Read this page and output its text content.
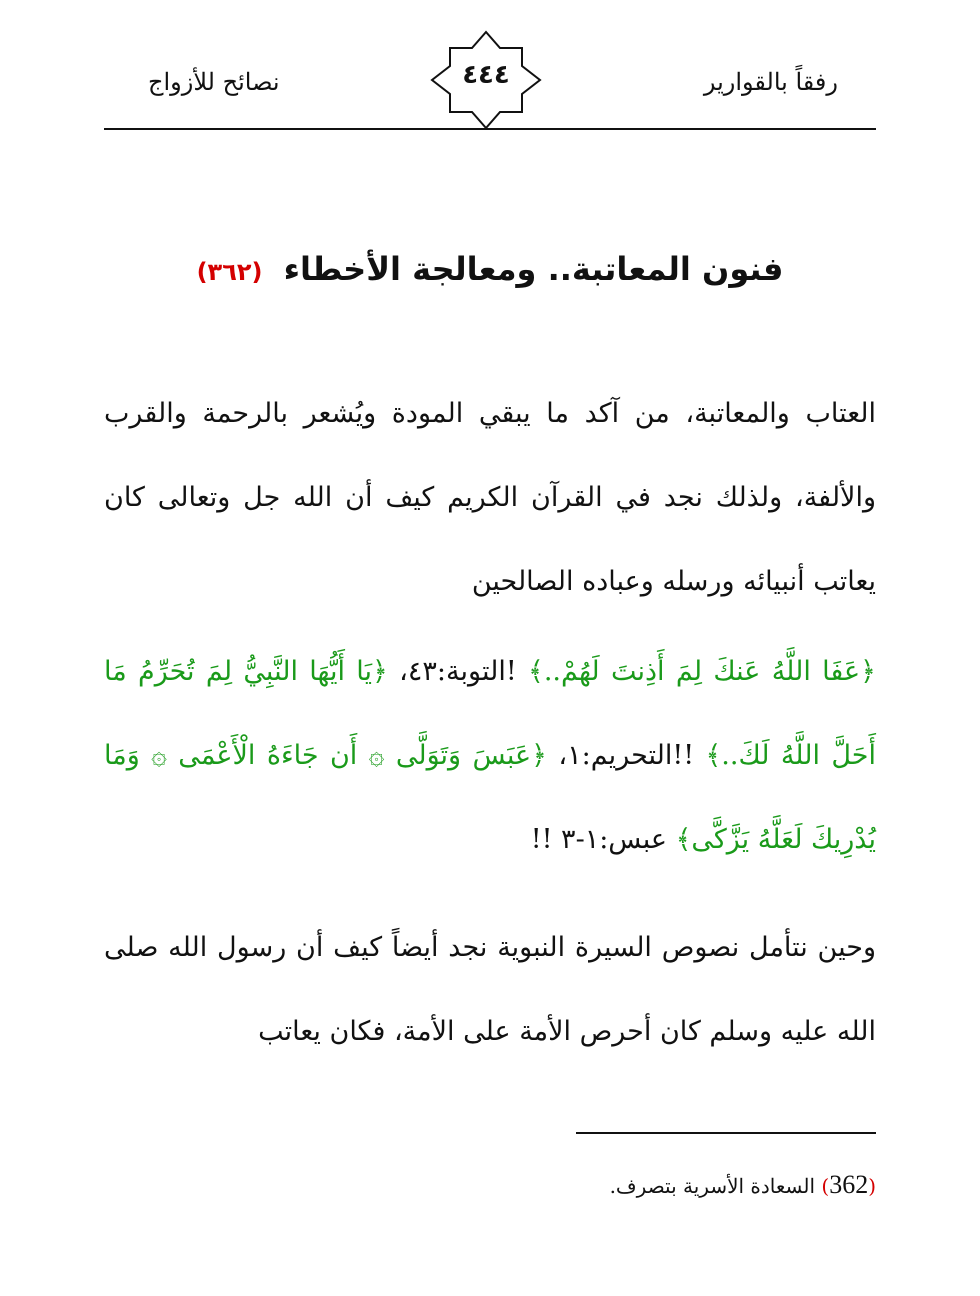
رفقاً بالقوارير
٤٤٤
نصائح للأزواج
فنون المعاتبة.. ومعالجة الأخطاء (٣٦٢)
العتاب والمعاتبة، من آكد ما يبقي المودة ويُشعر بالرحمة والقرب والألفة، ولذلك نجد في القرآن الكريم كيف أن الله جل وتعالى كان يعاتب أنبيائه ورسله وعباده الصالحين
﴿عَفَا اللَّهُ عَنكَ لِمَ أَذِنتَ لَهُمْ..﴾ !التوبة:٤٣، ﴿يَا أَيُّهَا النَّبِيُّ لِمَ تُحَرِّمُ مَا أَحَلَّ اللَّهُ لَكَ..﴾ !!التحريم:١، ﴿عَبَسَ وَتَوَلَّى ۞ أَن جَاءَهُ الْأَعْمَى ۞ وَمَا يُدْرِيكَ لَعَلَّهُ يَزَّكَّى﴾ عبس:١-٣ !!
وحين نتأمل نصوص السيرة النبوية نجد أيضاً كيف أن رسول الله صلى الله عليه وسلم كان أحرص الأمة على الأمة، فكان يعاتب
(362) السعادة الأسرية بتصرف.
